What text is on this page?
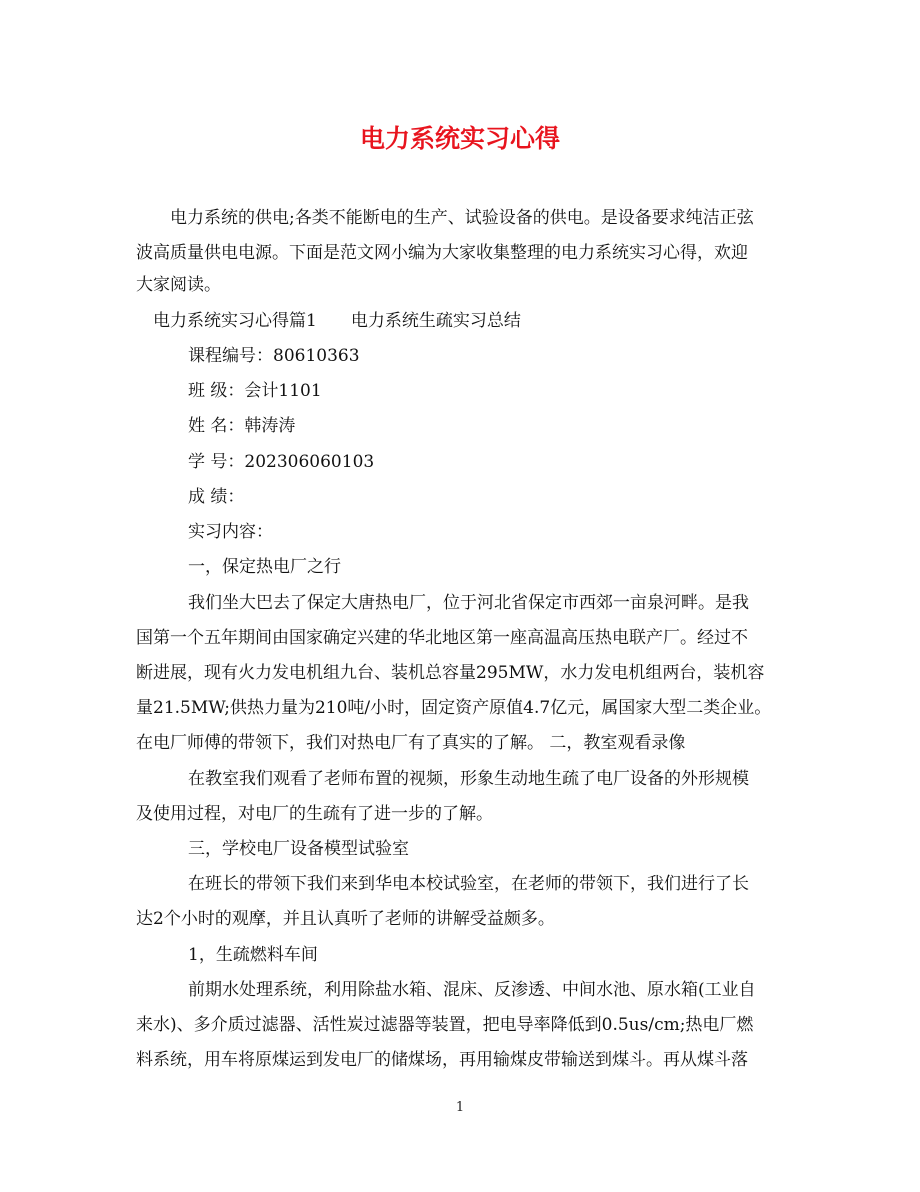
电力系统实习心得

电力系统的供电;各类不能断电的生产、试验设备的供电。是设备要求纯洁正弦

波高质量供电电源。下面是范文网小编为大家收集整理的电力系统实习心得，欢迎

大家阅读。

电力系统实习心得篇1　　电力系统生疏实习总结

课程编号：80610363

班 级：会计1101

姓 名：韩涛涛

学 号：202306060103

成 绩：

实习内容：

一，保定热电厂之行

我们坐大巴去了保定大唐热电厂，位于河北省保定市西郊一亩泉河畔。是我

国第一个五年期间由国家确定兴建的华北地区第一座高温高压热电联产厂。经过不

断进展，现有火力发电机组九台、装机总容量295MW，水力发电机组两台，装机容

量21.5MW;供热力量为210吨/小时，固定资产原值4.7亿元，属国家大型二类企业。

在电厂师傅的带领下，我们对热电厂有了真实的了解。 二，教室观看录像

在教室我们观看了老师布置的视频，形象生动地生疏了电厂设备的外形规模

及使用过程，对电厂的生疏有了进一步的了解。

三，学校电厂设备模型试验室

在班长的带领下我们来到华电本校试验室，在老师的带领下，我们进行了长

达2个小时的观摩，并且认真听了老师的讲解受益颇多。

1，生疏燃料车间

前期水处理系统，利用除盐水箱、混床、反渗透、中间水池、原水箱(工业自

来水)、多介质过滤器、活性炭过滤器等装置，把电导率降低到0.5us/cm;热电厂燃

料系统，用车将原煤运到发电厂的储煤场，再用输煤皮带输送到煤斗。再从煤斗落

1
